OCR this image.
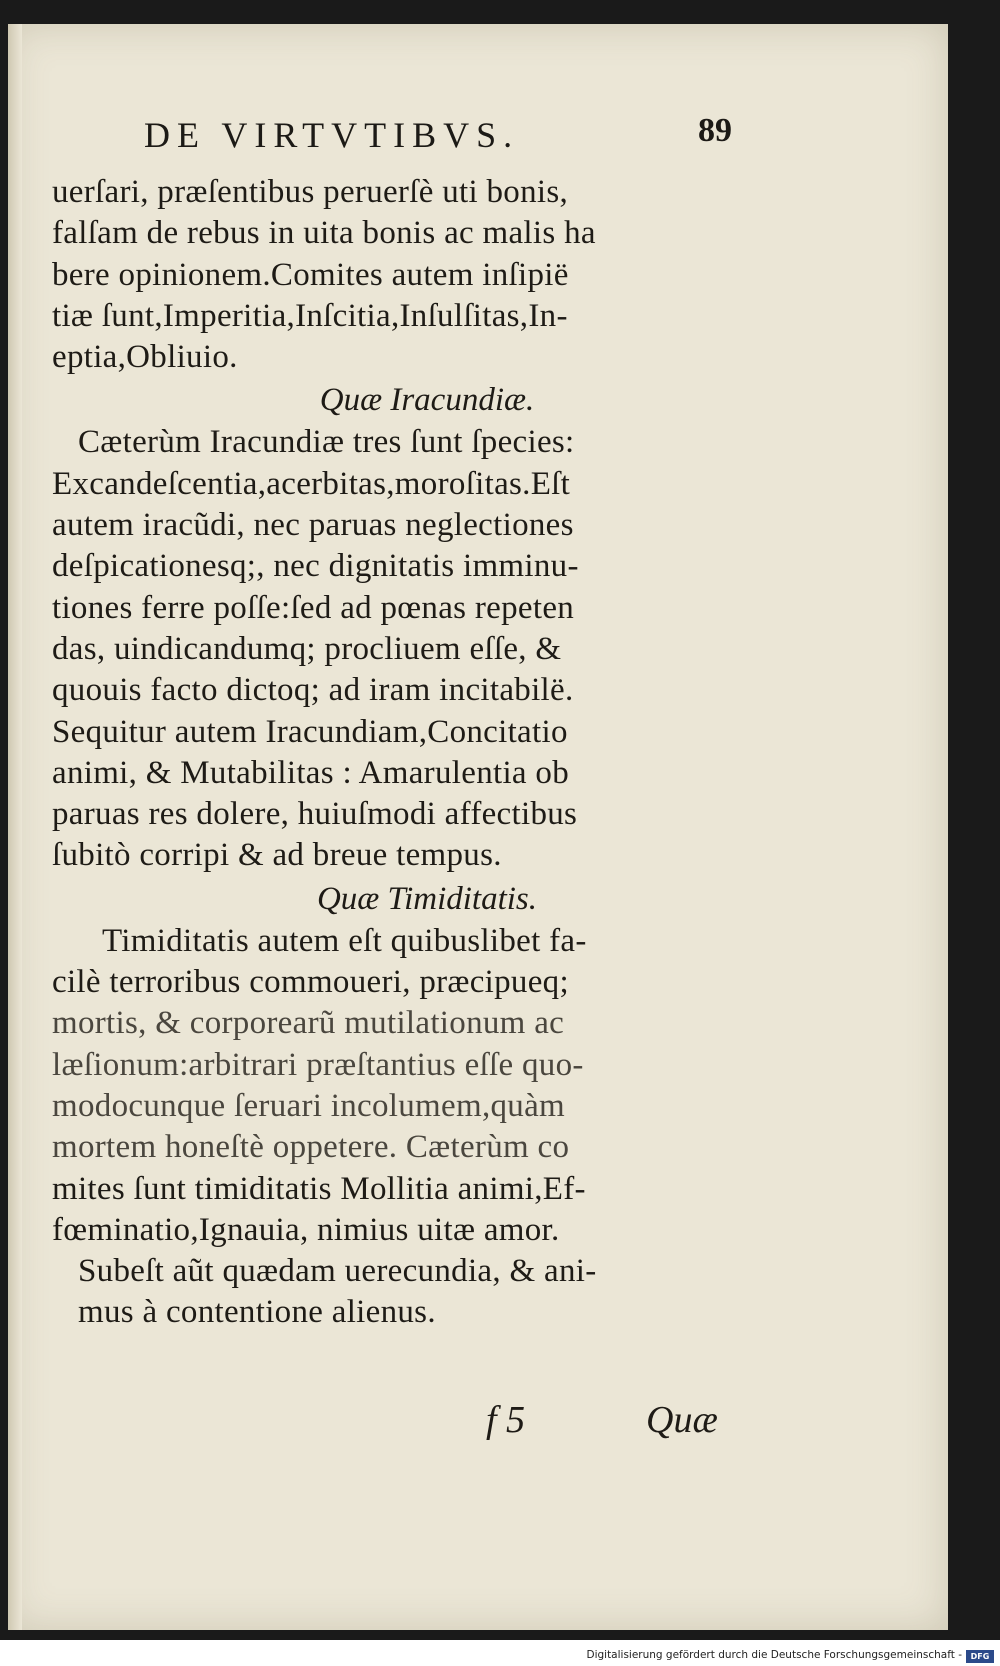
DE VIRTVTIBVS.	89
uerſari, præſentibus peruerſè uti bonis,
falſam de rebus in uita bonis ac malis ha
bere opinionem.Comites autem inſipië
tiæ ſunt,Imperitia,Inſcitia,Inſulſitas,In-
eptia,Obliuio.
Quæ Iracundiæ.
Cæterùm Iracundiæ tres ſunt ſpecies:
Excandeſcentia,acerbitas,moroſitas.Eſt
autem iracũdi, nec paruas neglectiones
deſpicationesq;, nec dignitatis imminu-
tiones ferre poſſe:ſed ad pœnas repeten
das, uindicandumq; procliuem eſſe, &
quouis facto dictoq; ad iram incitabilë.
Sequitur autem Iracundiam,Concitatio
animi, & Mutabilitas : Amarulentia ob
paruas res dolere, huiuſmodi affectibus
ſubitò corripi & ad breue tempus.
Quæ Timiditatis.
Timiditatis autem eſt quibuslibet fa-
cilè terroribus commoueri, præcipueq;
mortis, & corporearũ mutilationum ac
læſionum:arbitrari præſtantius eſſe quo-
modocunque ſeruari incolumem,quàm
mortem honeſtè oppetere. Cæterùm co
mites ſunt timiditatis Mollitia animi,Ef-
fœminatio,Ignauia, nimius uitæ amor.
Subeſt aũt quædam uerecundia, & ani-
mus à contentione alienus.
f 5	Quæ
Digitalisierung gefördert durch die Deutsche Forschungsgemeinschaft -	DFG
